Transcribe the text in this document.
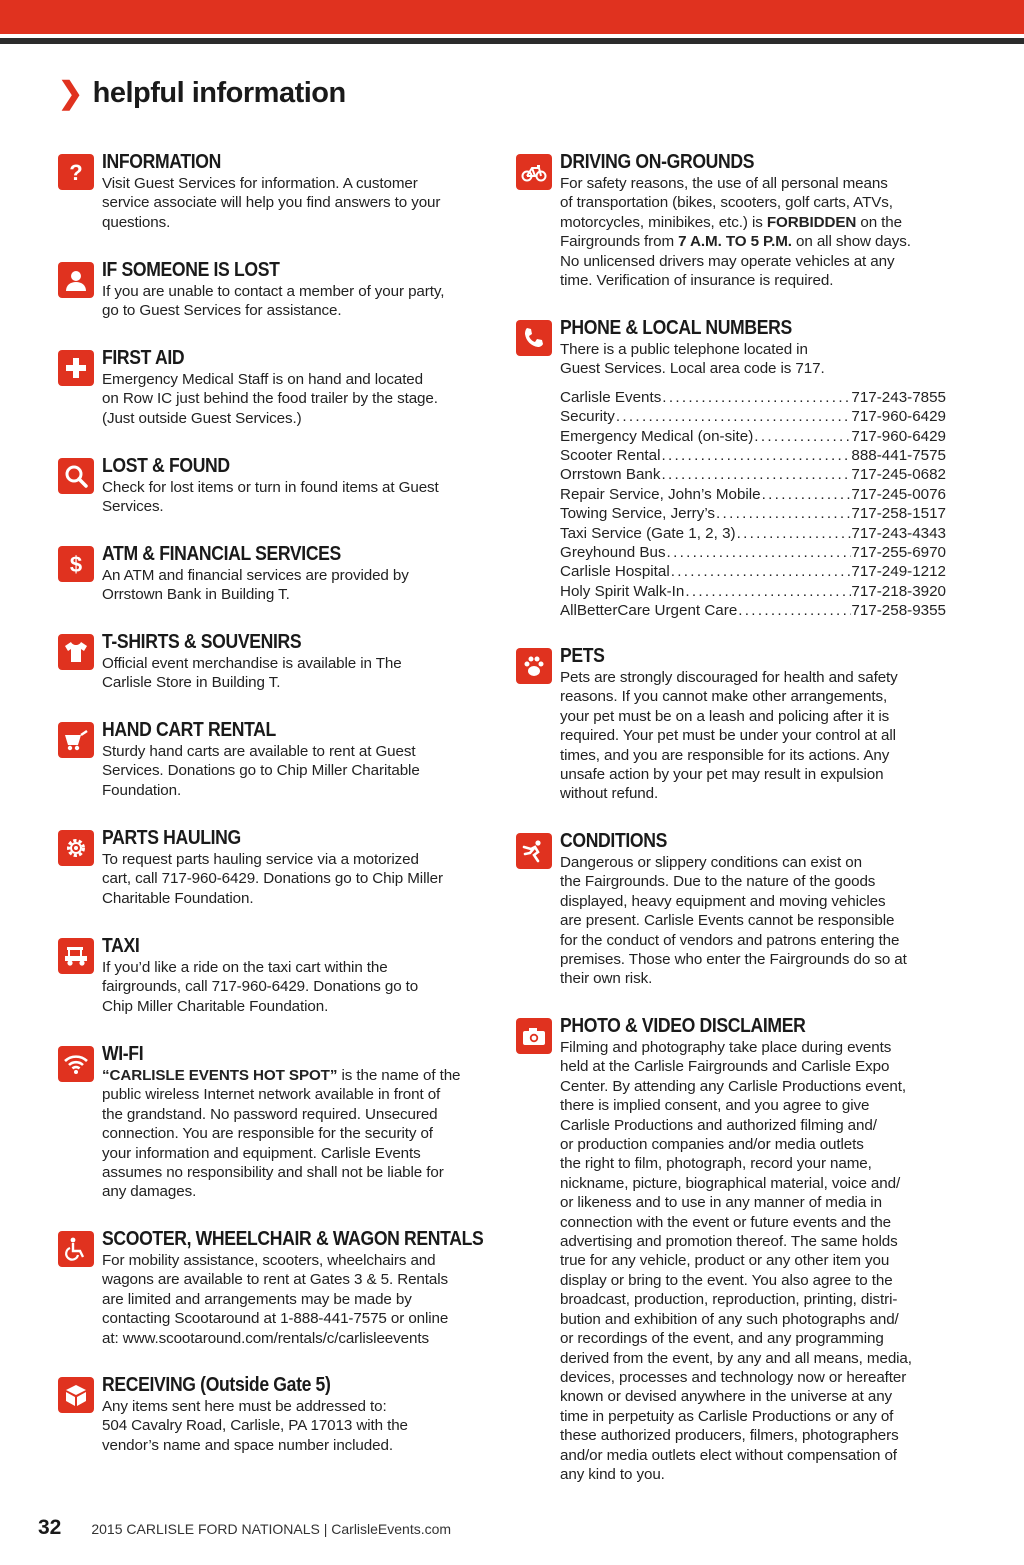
❯ helpful information
? INFORMATION
Visit Guest Services for information. A customer
service associate will help you find answers to your
questions.
IF SOMEONE IS LOST
If you are unable to contact a member of your party,
go to Guest Services for assistance.
FIRST AID
Emergency Medical Staff is on hand and located
on Row IC just behind the food trailer by the stage.
(Just outside Guest Services.)
LOST & FOUND
Check for lost items or turn in found items at Guest
Services.
$ ATM & FINANCIAL SERVICES
An ATM and financial services are provided by
Orrstown Bank in Building T.
T-SHIRTS & SOUVENIRS
Official event merchandise is available in The
Carlisle Store in Building T.
HAND CART RENTAL
Sturdy hand carts are available to rent at Guest
Services. Donations go to Chip Miller Charitable
Foundation.
PARTS HAULING
To request parts hauling service via a motorized
cart, call 717-960-6429. Donations go to Chip Miller
Charitable Foundation.
TAXI
If you’d like a ride on the taxi cart within the
fairgrounds, call 717-960-6429. Donations go to
Chip Miller Charitable Foundation.
WI-FI
“CARLISLE EVENTS HOT SPOT” is the name of the
public wireless Internet network available in front of
the grandstand. No password required. Unsecured
connection. You are responsible for the security of
your information and equipment. Carlisle Events
assumes no responsibility and shall not be liable for
any damages.
SCOOTER, WHEELCHAIR & WAGON RENTALS
For mobility assistance, scooters, wheelchairs and
wagons are available to rent at Gates 3 & 5. Rentals
are limited and arrangements may be made by
contacting Scootaround at 1-888-441-7575 or online
at: www.scootaround.com/rentals/c/carlisleevents
RECEIVING (Outside Gate 5)
Any items sent here must be addressed to:
504 Cavalry Road, Carlisle, PA 17013 with the
vendor’s name and space number included.
DRIVING ON-GROUNDS
For safety reasons, the use of all personal means
of transportation (bikes, scooters, golf carts, ATVs,
motorcycles, minibikes, etc.) is FORBIDDEN on the
Fairgrounds from 7 A.M. TO 5 P.M. on all show days.
No unlicensed drivers may operate vehicles at any
time. Verification of insurance is required.
PHONE & LOCAL NUMBERS
There is a public telephone located in
Guest Services. Local area code is 717.
Carlisle Events .....	717-243-7855
Security .....	717-960-6429
Emergency Medical (on-site) .....	717-960-6429
Scooter Rental .....	888-441-7575
Orrstown Bank .....	717-245-0682
Repair Service, John’s Mobile .....	717-245-0076
Towing Service, Jerry’s .....	717-258-1517
Taxi Service (Gate 1, 2, 3) .....	717-243-4343
Greyhound Bus .....	717-255-6970
Carlisle Hospital .....	717-249-1212
Holy Spirit Walk-In .....	717-218-3920
AllBetterCare Urgent Care .....	717-258-9355
PETS
Pets are strongly discouraged for health and safety
reasons. If you cannot make other arrangements,
your pet must be on a leash and policing after it is
required. Your pet must be under your control at all
times, and you are responsible for its actions. Any
unsafe action by your pet may result in expulsion
without refund.
CONDITIONS
Dangerous or slippery conditions can exist on
the Fairgrounds. Due to the nature of the goods
displayed, heavy equipment and moving vehicles
are present. Carlisle Events cannot be responsible
for the conduct of vendors and patrons entering the
premises. Those who enter the Fairgrounds do so at
their own risk.
PHOTO & VIDEO DISCLAIMER
Filming and photography take place during events
held at the Carlisle Fairgrounds and Carlisle Expo
Center. By attending any Carlisle Productions event,
there is implied consent, and you agree to give
Carlisle Productions and authorized filming and/
or production companies and/or media outlets
the right to film, photograph, record your name,
nickname, picture, biographical material, voice and/
or likeness and to use in any manner of media in
connection with the event or future events and the
advertising and promotion thereof. The same holds
true for any vehicle, product or any other item you
display or bring to the event. You also agree to the
broadcast, production, reproduction, printing, distri-
bution and exhibition of any such photographs and/
or recordings of the event, and any programming
derived from the event, by any and all means, media,
devices, processes and technology now or hereafter
known or devised anywhere in the universe at any
time in perpetuity as Carlisle Productions or any of
these authorized producers, filmers, photographers
and/or media outlets elect without compensation of
any kind to you.
32 2015 CARLISLE FORD NATIONALS | CarlisleEvents.com
